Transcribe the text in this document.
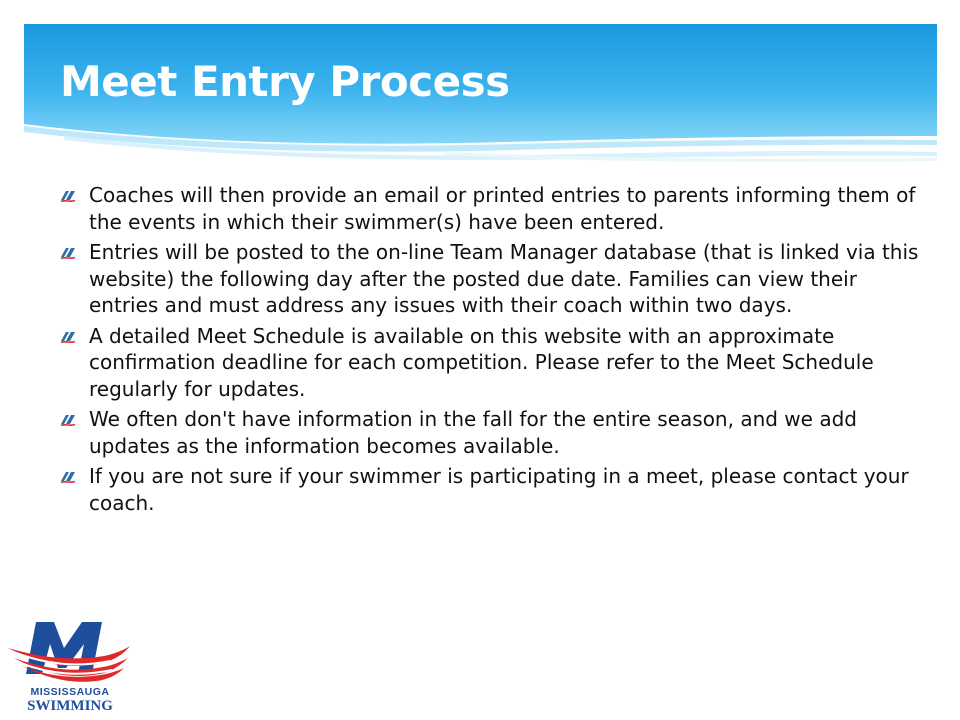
Meet Entry Process
Coaches will then provide an email or printed entries to parents informing them of the events in which their swimmer(s) have been entered.
Entries will be posted to the on-line Team Manager database (that is linked via this website) the following day after the posted due date. Families can view their entries and must address any issues with their coach within two days.
A detailed Meet Schedule is available on this website with an approximate confirmation deadline for each competition. Please refer to the Meet Schedule regularly for updates.
We often don't have information in the fall for the entire season, and we add updates as the information becomes available.
If you are not sure if your swimmer is participating in a meet, please contact your coach.
MISSISSAUGA
SWIMMING
